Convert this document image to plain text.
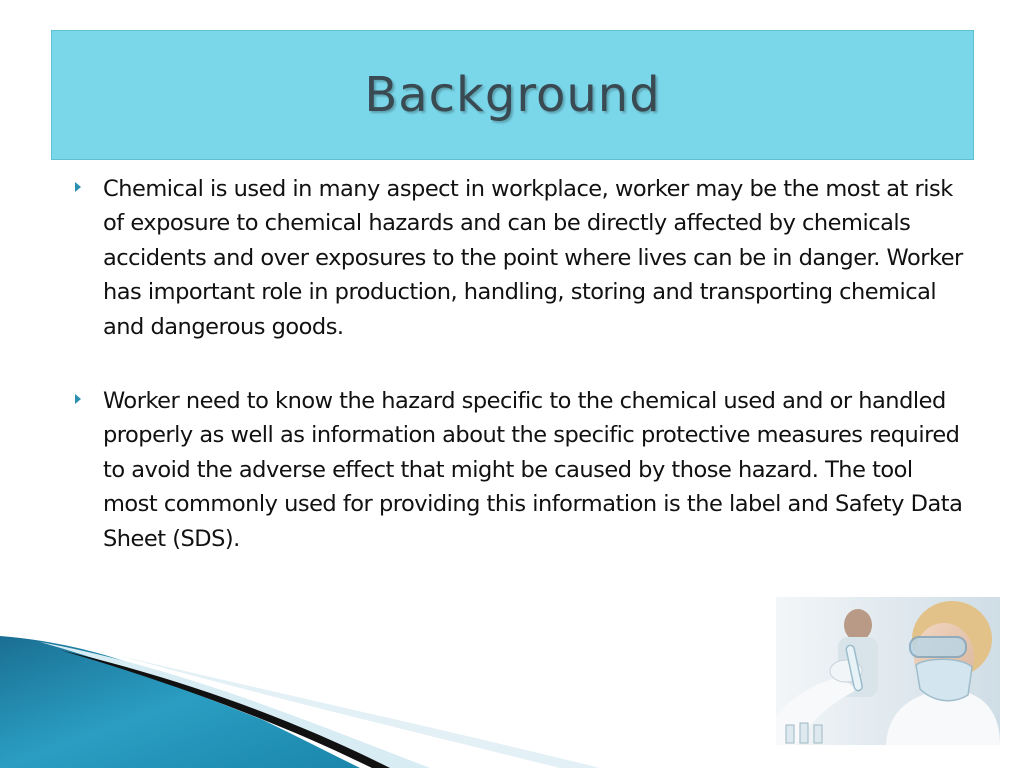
Background
Chemical is used in many aspect in workplace, worker may be the most at risk of exposure to chemical hazards and can be directly affected by chemicals accidents and over exposures to the point where lives can be in danger. Worker has important role in production, handling, storing and transporting chemical and dangerous goods.
Worker need to know the hazard specific to the chemical used and or handled properly as well as information about the specific protective measures required to avoid the adverse effect that might be caused by those hazard. The tool most commonly used for providing this information is the label and Safety Data Sheet (SDS).
